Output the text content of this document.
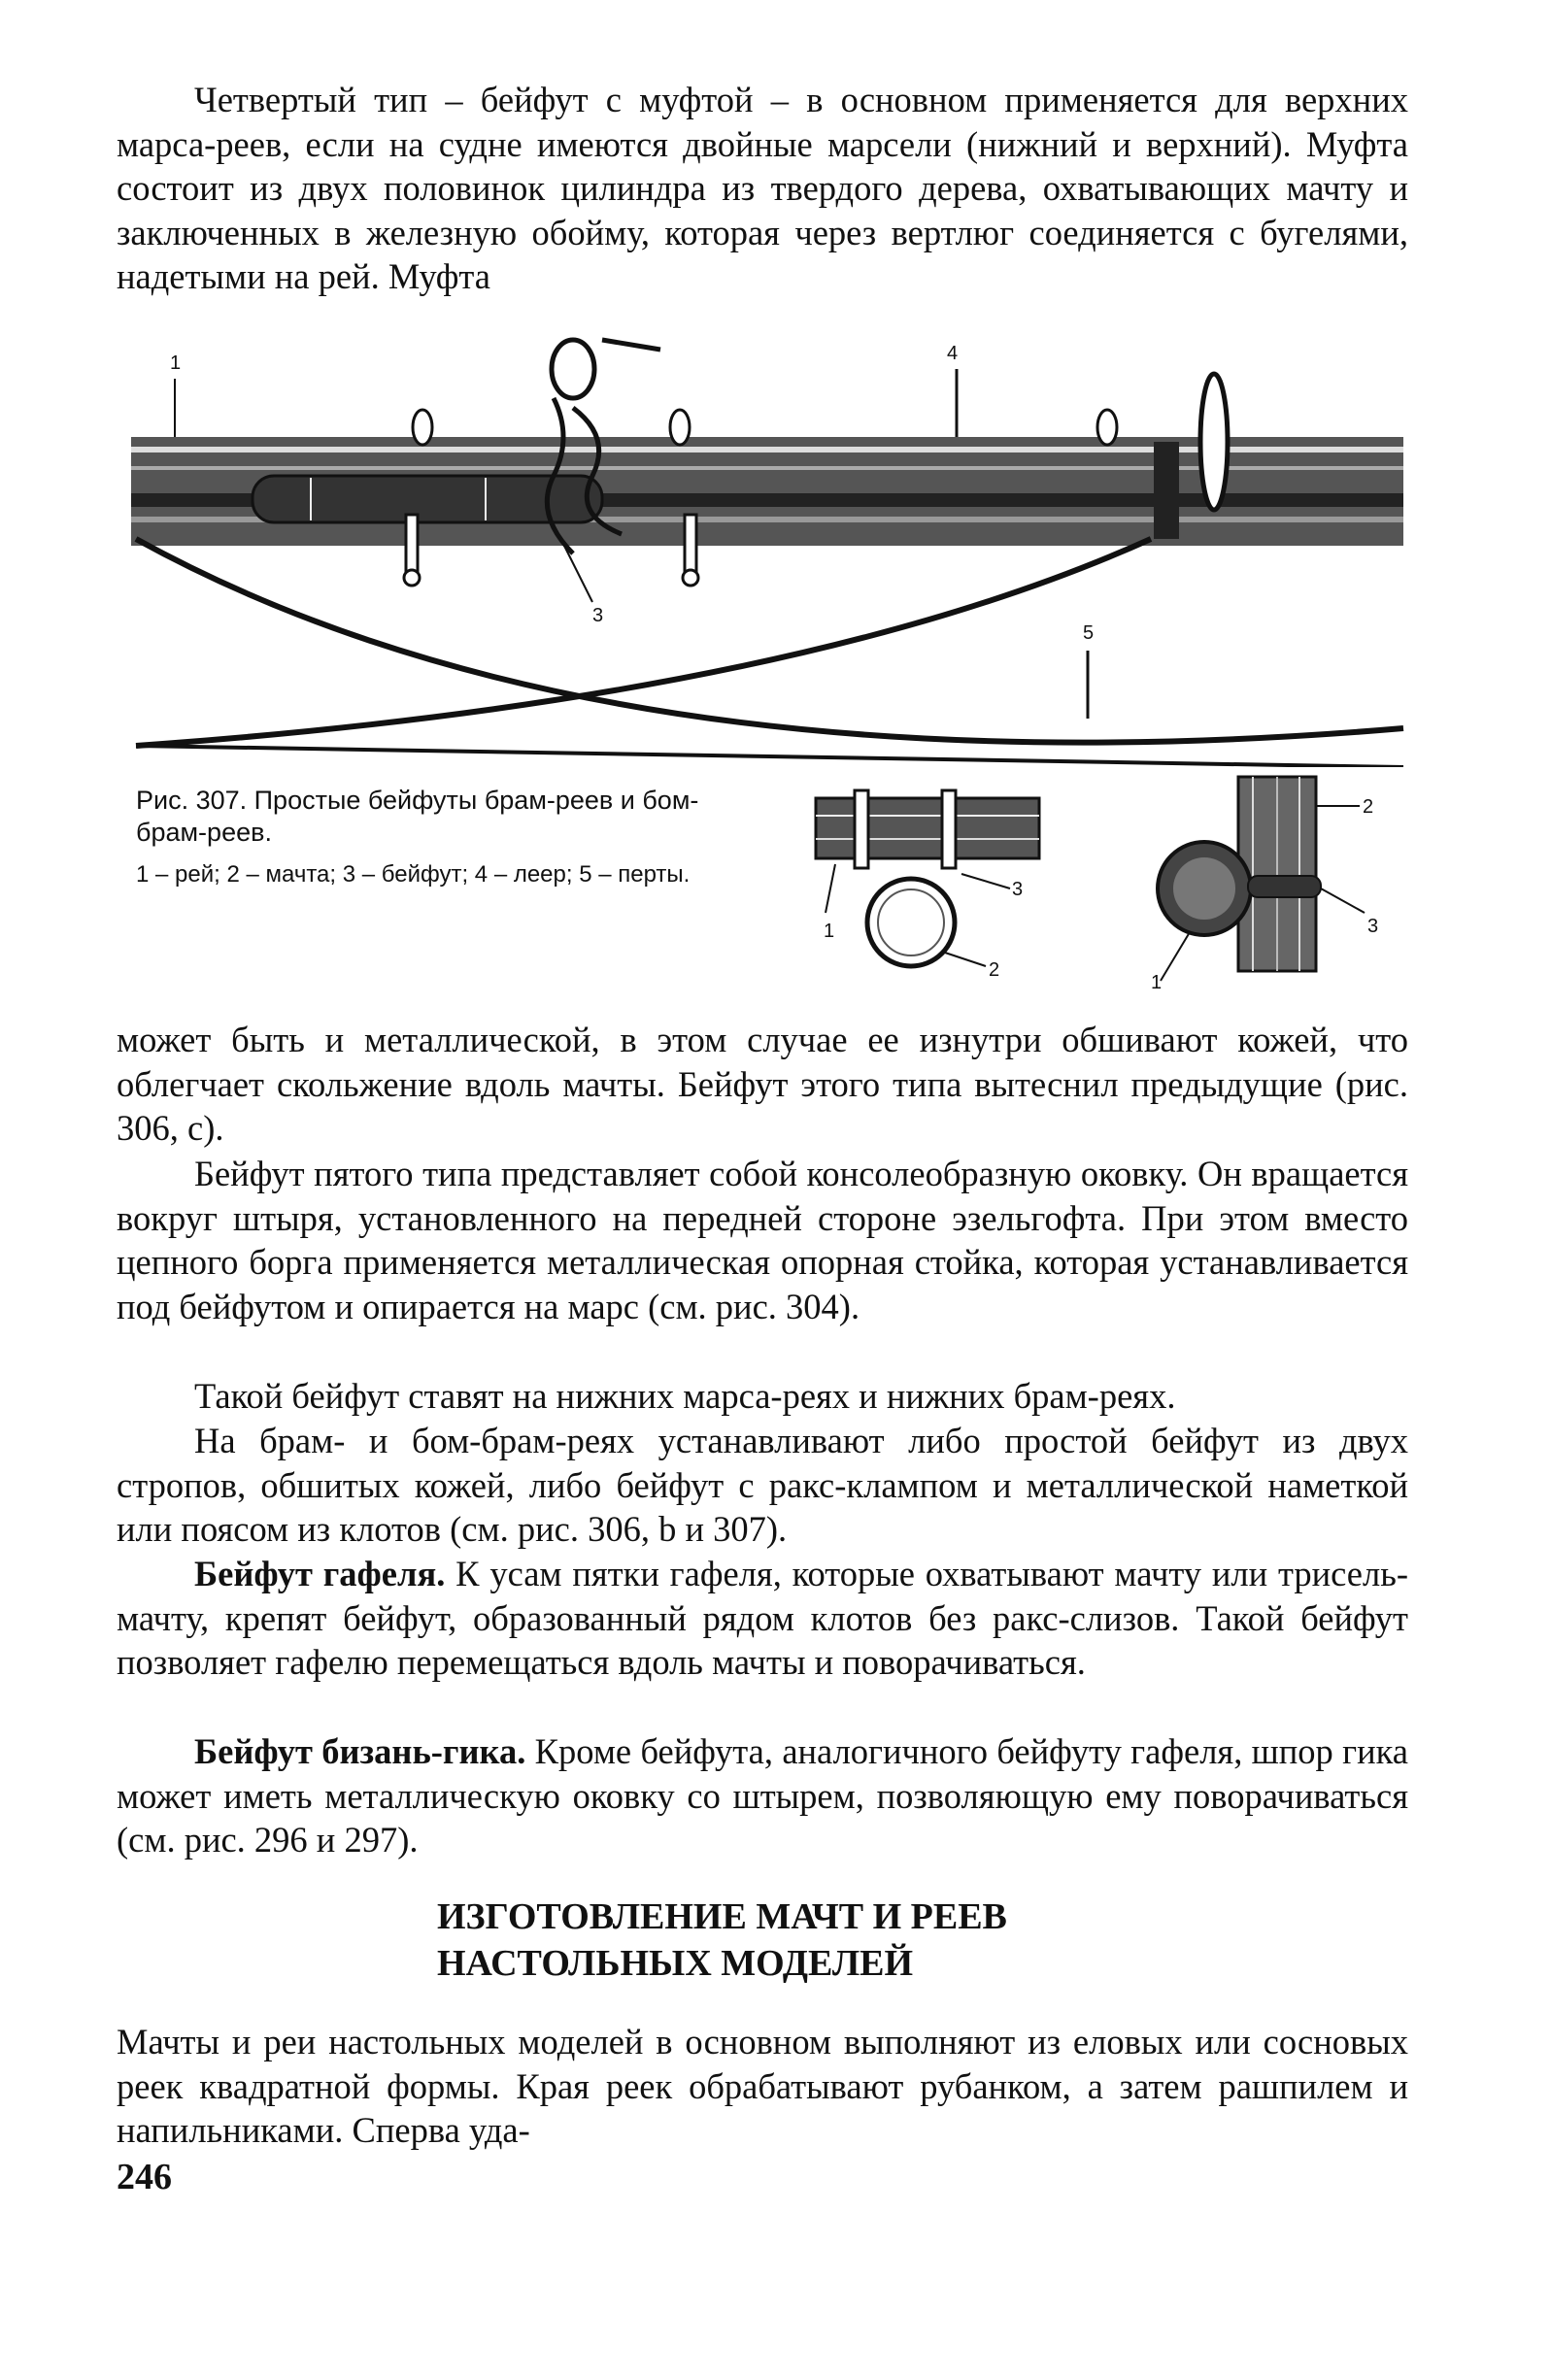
Четвертый тип – бейфут с муфтой – в основном применяется для верхних марса-реев, если на судне имеются двойные марсели (нижний и верхний). Муфта состоит из двух половинок цилиндра из твердого дерева, охватывающих мачту и заключенных в железную обойму, которая через вертлюг соединяется с бугелями, надетыми на рей. Муфта

1	4
3
5

Рис. 307. Простые бейфуты брам-реев и бом-брам-реев.

1 – рей; 2 – мачта; 3 – бейфут; 4 – леер; 5 – перты.

1
3
2
2
3
1

может быть и металлической, в этом случае ее изнутри обшивают кожей, что облегчает скольжение вдоль мачты. Бейфут этого типа вытеснил предыдущие (рис. 306, с).

Бейфут пятого типа представляет собой консолеобразную оковку. Он вращается вокруг штыря, установленного на передней стороне эзельгофта. При этом вместо цепного борга применяется металлическая опорная стойка, которая устанавливается под бейфутом и опирается на марс (см. рис. 304).

Такой бейфут ставят на нижних марса-реях и нижних брам-реях.

На брам- и бом-брам-реях устанавливают либо простой бейфут из двух стропов, обшитых кожей, либо бейфут с ракс-клампом и металлической наметкой или поясом из клотов (см. рис. 306, b и 307).

Бейфут гафеля. К усам пятки гафеля, которые охватывают мачту или трисель-мачту, крепят бейфут, образованный рядом клотов без ракс-слизов. Такой бейфут позволяет гафелю перемещаться вдоль мачты и поворачиваться.

Бейфут бизань-гика. Кроме бейфута, аналогичного бейфуту гафеля, шпор гика может иметь металлическую оковку со штырем, позволяющую ему поворачиваться (см. рис. 296 и 297).

ИЗГОТОВЛЕНИЕ МАЧТ И РЕЕВ
НАСТОЛЬНЫХ МОДЕЛЕЙ

Мачты и реи настольных моделей в основном выполняют из еловых или сосновых реек квадратной формы. Края реек обрабатывают рубанком, а затем рашпилем и напильниками. Сперва уда-

246
